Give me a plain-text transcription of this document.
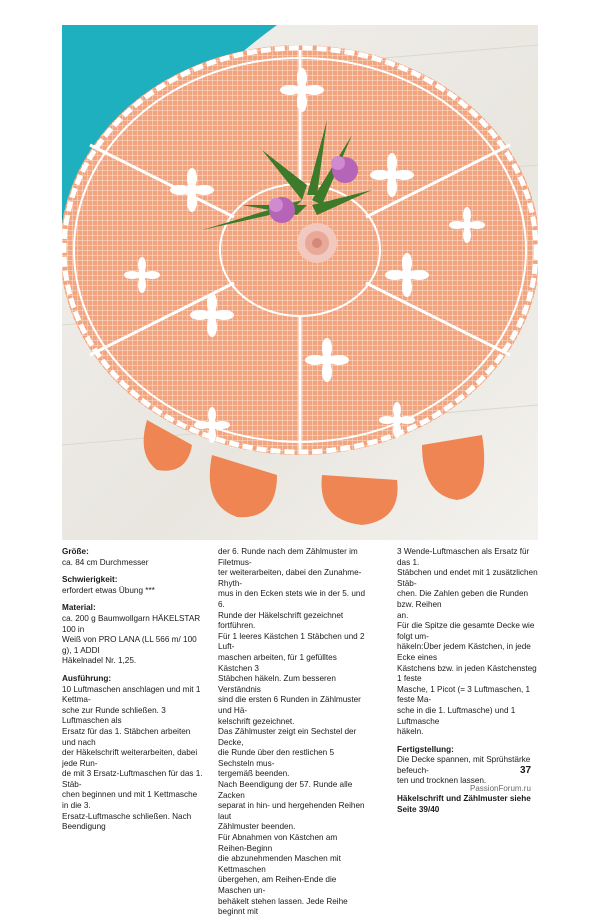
Größe:

ca. 84 cm Durchmesser

Schwierigkeit:

erfordert etwas Übung ***

Material:

ca. 200 g Baumwollgarn HÄKELSTAR 100 in
Weiß von PRO LANA (LL 566 m/ 100 g), 1 ADDI
Häkelnadel Nr. 1,25.

Ausführung:

10 Luftmaschen anschlagen und mit 1 Kettma-
sche zur Runde schließen. 3 Luftmaschen als
Ersatz für das 1. Stäbchen arbeiten und nach
der Häkelschrift weiterarbeiten, dabei jede Run-
de mit 3 Ersatz-Luftmaschen für das 1. Stäb-
chen beginnen und mit 1 Kettmasche in die 3.
Ersatz-Luftmasche schließen. Nach Beendigung

der 6. Runde nach dem Zählmuster im Filetmus-
ter weiterarbeiten, dabei den Zunahme-Rhyth-
mus in den Ecken stets wie in der 5. und 6.
Runde der Häkelschrift gezeichnet fortführen.
Für 1 leeres Kästchen 1 Stäbchen und 2 Luft-
maschen arbeiten, für 1 gefülltes Kästchen 3
Stäbchen häkeln. Zum besseren Verständnis
sind die ersten 6 Runden in Zählmuster und Hä-
kelschrift gezeichnet.
Das Zählmuster zeigt ein Sechstel der Decke,
die Runde über den restlichen 5 Sechsteln mus-
tergemäß beenden.
Nach Beendigung der 57. Runde alle Zacken
separat in hin- und hergehenden Reihen laut
Zählmuster beenden.
Für Abnahmen von Kästchen am Reihen-Beginn
die abzunehmenden Maschen mit Kettmaschen
übergehen, am Reihen-Ende die Maschen un-
behäkelt stehen lassen. Jede Reihe beginnt mit

3 Wende-Luftmaschen als Ersatz für das 1.
Stäbchen und endet mit 1 zusätzlichen Stäb-
chen. Die Zahlen geben die Runden bzw. Reihen
an.
Für die Spitze die gesamte Decke wie folgt um-
häkeln:Über jedem Kästchen, in jede Ecke eines
Kästchens bzw. in jeden Kästchensteg 1 feste
Masche, 1 Picot (= 3 Luftmaschen, 1 feste Ma-
sche in die 1. Luftmasche) und 1 Luftmasche
häkeln.

Fertigstellung:

Die Decke spannen, mit Sprühstärke befeuch-
ten und trocknen lassen.

Häkelschrift und Zählmuster siehe Seite 39/40

37
PassionForum.ru
